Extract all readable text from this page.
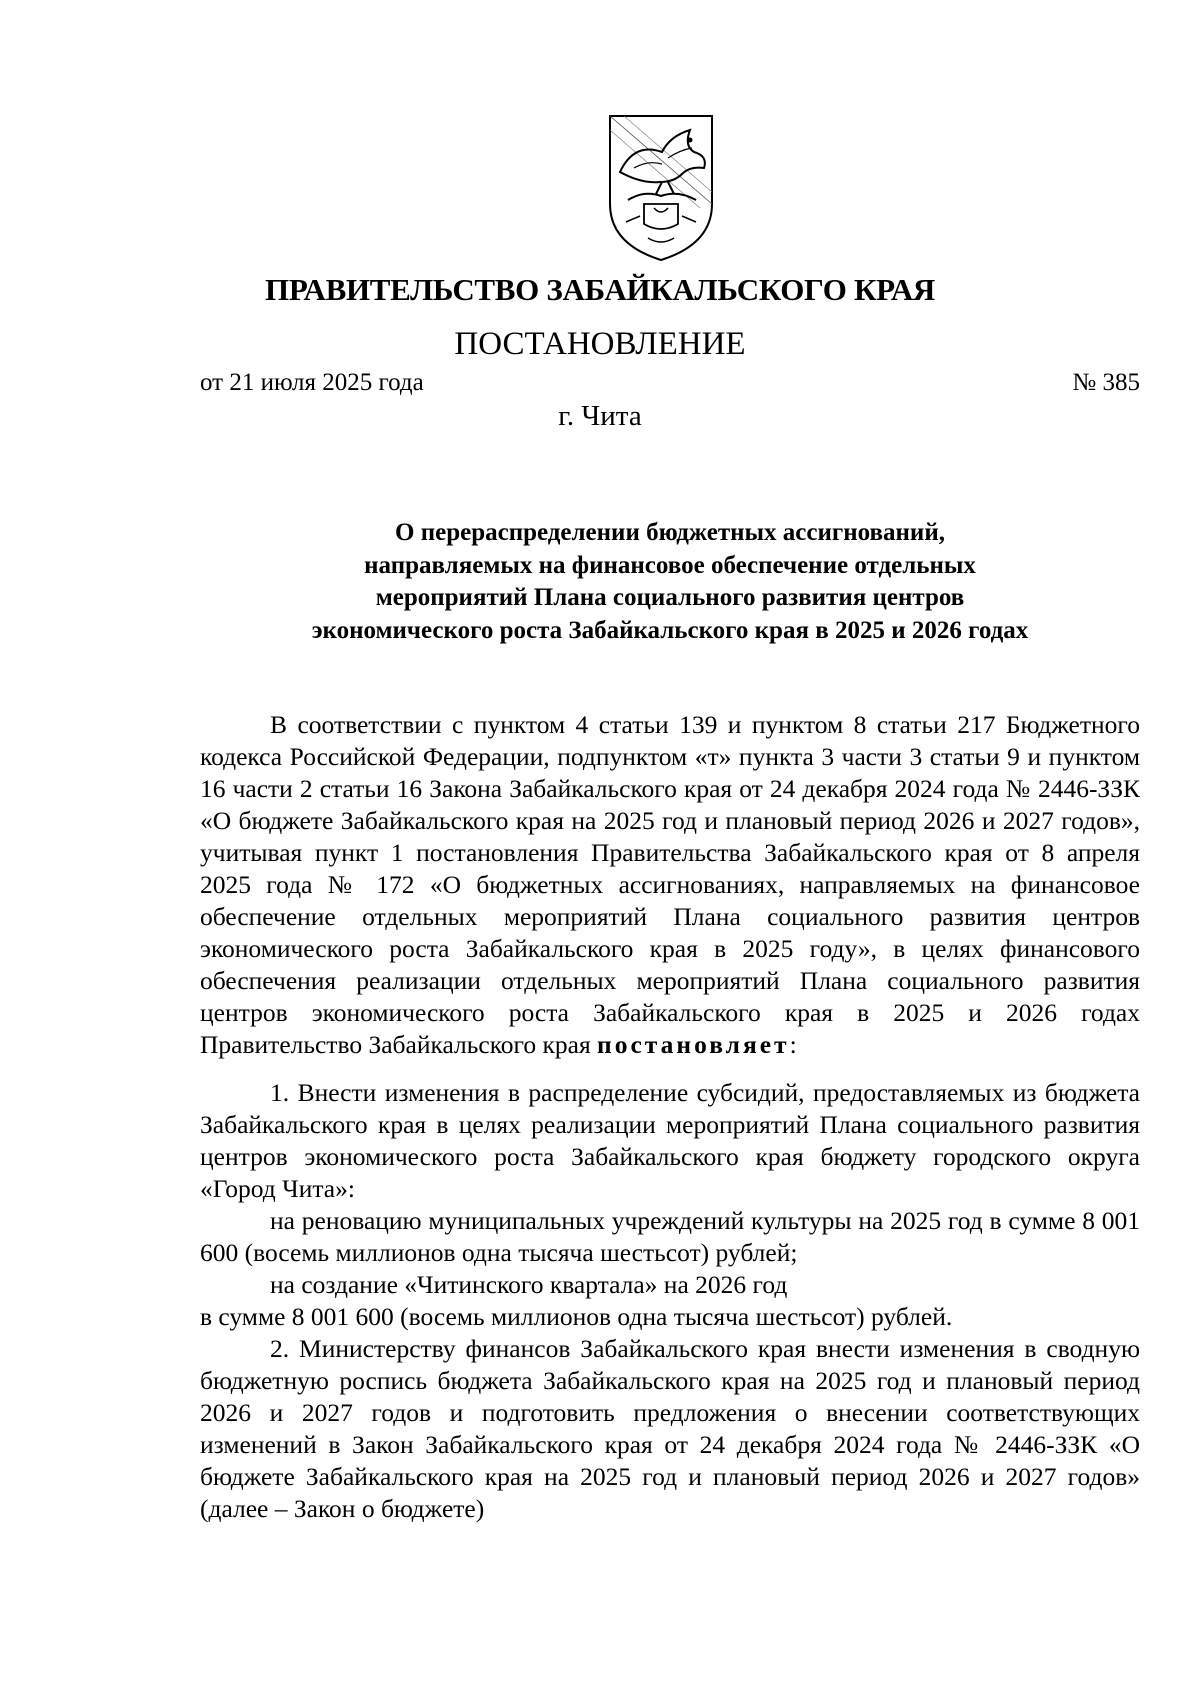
ПРАВИТЕЛЬСТВО ЗАБАЙКАЛЬСКОГО КРАЯ
ПОСТАНОВЛЕНИЕ
от 21 июля 2025 года	№ 385
г. Чита
О перераспределении бюджетных ассигнований,
направляемых на финансовое обеспечение отдельных
мероприятий Плана социального развития центров
экономического роста Забайкальского края в 2025 и 2026 годах

В соответствии с пунктом 4 статьи 139 и пунктом 8 статьи 217 Бюджетного кодекса Российской Федерации, подпунктом «т» пункта 3 части 3 статьи 9 и пунктом 16 части 2 статьи 16 Закона Забайкальского края от 24 декабря 2024 года № 2446-ЗЗК «О бюджете Забайкальского края на 2025 год и плановый период 2026 и 2027 годов», учитывая пункт 1 постановления Правительства Забайкальского края от 8 апреля 2025 года № 172 «О бюджетных ассигнованиях, направляемых на финансовое обеспечение отдельных мероприятий Плана социального развития центров экономического роста Забайкальского края в 2025 году», в целях финансового обеспечения реализации отдельных мероприятий Плана социального развития центров экономического роста Забайкальского края в 2025 и 2026 годах Правительство Забайкальского края постановляет:

1. Внести изменения в распределение субсидий, предоставляемых из бюджета Забайкальского края в целях реализации мероприятий Плана социального развития центров экономического роста Забайкальского края бюджету городского округа «Город Чита»:

на реновацию муниципальных учреждений культуры на 2025 год в сумме 8 001 600 (восемь миллионов одна тысяча шестьсот) рублей;

на создание «Читинского квартала» на 2026 год

в сумме 8 001 600 (восемь миллионов одна тысяча шестьсот) рублей.

2. Министерству финансов Забайкальского края внести изменения в сводную бюджетную роспись бюджета Забайкальского края на 2025 год и плановый период 2026 и 2027 годов и подготовить предложения о внесении соответствующих изменений в Закон Забайкальского края от 24 декабря 2024 года № 2446-ЗЗК «О бюджете Забайкальского края на 2025 год и плановый период 2026 и 2027 годов» (далее – Закон о бюджете)
